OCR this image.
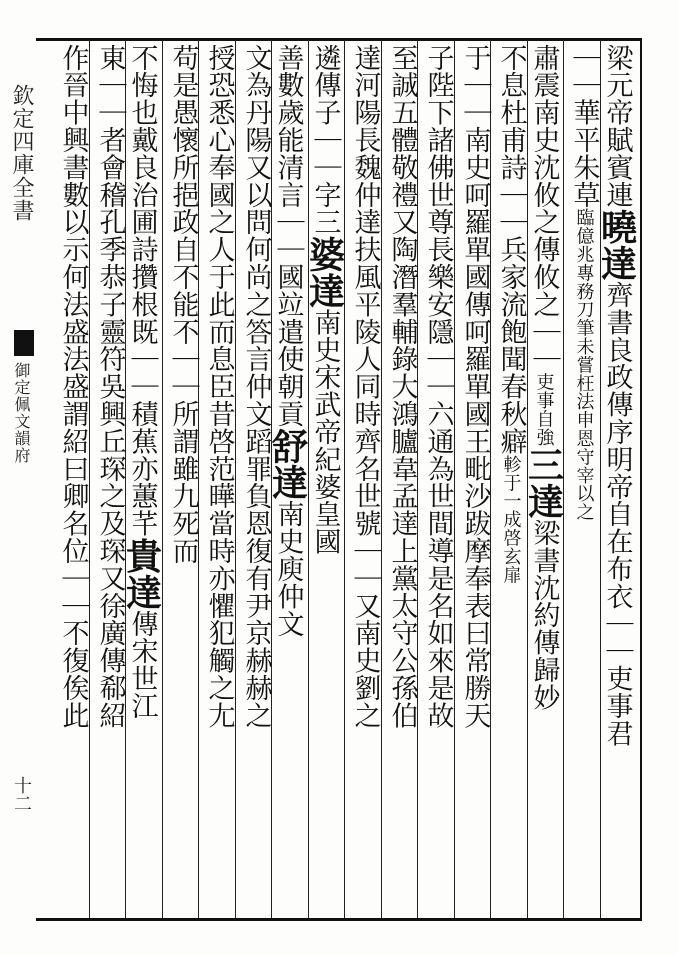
欽定四庫全書
御定佩文韻府
十二
梁元帝賦賓連曉達齊書良政傳序明帝自在布衣｜｜吏事君
｜｜華平朱草臨億兆專務刀筆未嘗枉法申恩守宰以之
肅震南史沈攸之傳攸之｜｜吏事自強三達梁書沈約傳歸妙
不息杜甫詩｜｜兵家流飽聞春秋癖軫于一成啓玄扉
于｜｜南史呵羅單國傳呵羅單國王毗沙跋摩奉表曰常勝天
子陛下諸佛世尊長樂安隱｜｜六通為世間導是名如來是故
至誠五體敬禮又陶潛羣輔錄大鴻臚韋孟達上黨太守公孫伯
達河陽長魏仲達扶風平陵人同時齊名世號｜｜又南史劉之
遴傳子｜｜字三婆達南史宋武帝紀婆皇國
善數歲能清言｜｜國竝遣使朝貢舒達南史庾仲文
文為丹陽又以問何尚之答言仲文蹈罪負恩復有尹京赫赫之
授恐悉心奉國之人于此而息臣昔啓范曄當時亦懼犯觸之尢
苟是愚懷所挹政自不能不｜｜所謂雖九死而
不悔也戴良治圃詩攢根既｜｜積蕉亦蕙芊貴達傳宋世江
東｜｜者會稽孔季恭子靈符吳興丘琛之及琛又徐廣傳郗紹
作晉中興書數以示何法盛法盛謂紹曰卿名位｜｜不復俟此
